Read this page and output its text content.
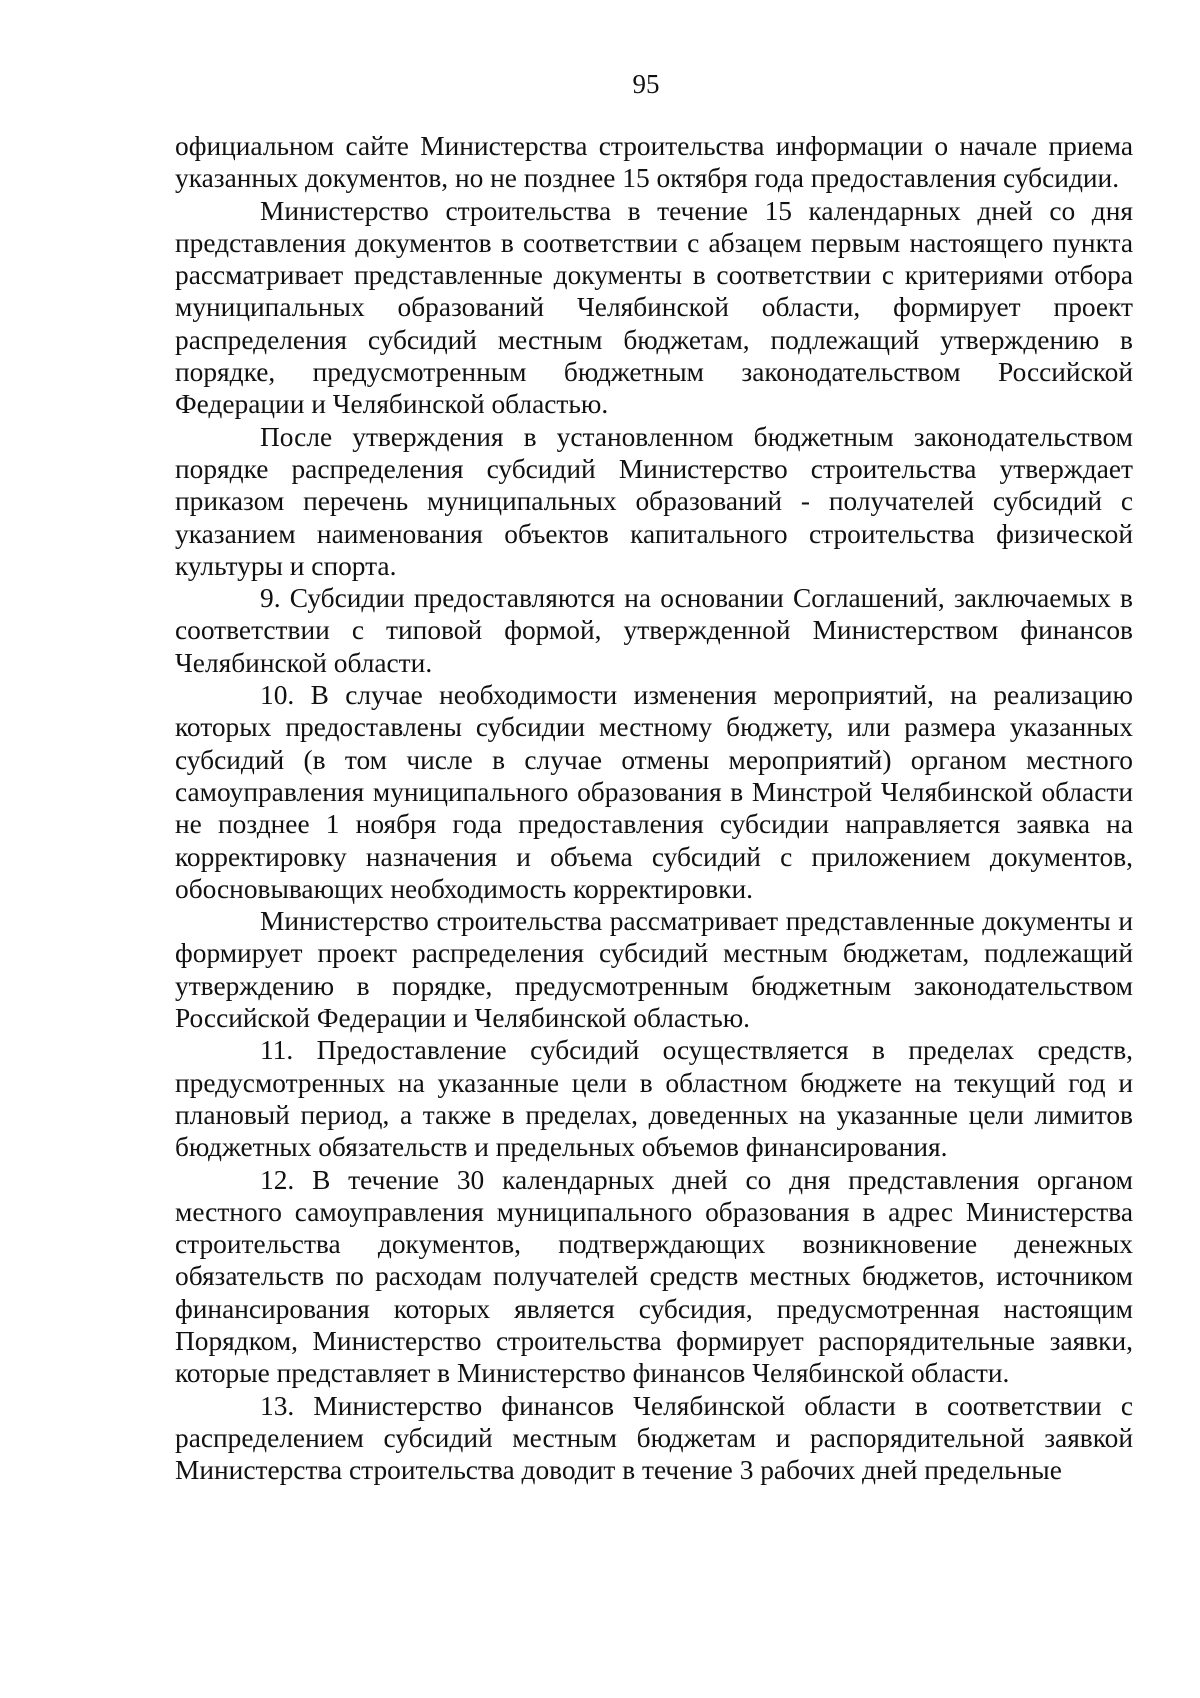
95

официальном сайте Министерства строительства информации о начале приема указанных документов, но не позднее 15 октября года предоставления субсидии.

Министерство строительства в течение 15 календарных дней со дня представления документов в соответствии с абзацем первым настоящего пункта рассматривает представленные документы в соответствии с критериями отбора муниципальных образований Челябинской области, формирует проект распределения субсидий местным бюджетам, подлежащий утверждению в порядке, предусмотренным бюджетным законодательством Российской Федерации и Челябинской областью.

После утверждения в установленном бюджетным законодательством порядке распределения субсидий Министерство строительства утверждает приказом перечень муниципальных образований - получателей субсидий с указанием наименования объектов капитального строительства физической культуры и спорта.

9. Субсидии предоставляются на основании Соглашений, заключаемых в соответствии с типовой формой, утвержденной Министерством финансов Челябинской области.

10. В случае необходимости изменения мероприятий, на реализацию которых предоставлены субсидии местному бюджету, или размера указанных субсидий (в том числе в случае отмены мероприятий) органом местного самоуправления муниципального образования в Минстрой Челябинской области не позднее 1 ноября года предоставления субсидии направляется заявка на корректировку назначения и объема субсидий с приложением документов, обосновывающих необходимость корректировки.

Министерство строительства рассматривает представленные документы и формирует проект распределения субсидий местным бюджетам, подлежащий утверждению в порядке, предусмотренным бюджетным законодательством Российской Федерации и Челябинской областью.

11. Предоставление субсидий осуществляется в пределах средств, предусмотренных на указанные цели в областном бюджете на текущий год и плановый период, а также в пределах, доведенных на указанные цели лимитов бюджетных обязательств и предельных объемов финансирования.

12. В течение 30 календарных дней со дня представления органом местного самоуправления муниципального образования в адрес Министерства строительства документов, подтверждающих возникновение денежных обязательств по расходам получателей средств местных бюджетов, источником финансирования которых является субсидия, предусмотренная настоящим Порядком, Министерство строительства формирует распорядительные заявки, которые представляет в Министерство финансов Челябинской области.

13. Министерство финансов Челябинской области в соответствии с распределением субсидий местным бюджетам и распорядительной заявкой Министерства строительства доводит в течение 3 рабочих дней предельные
